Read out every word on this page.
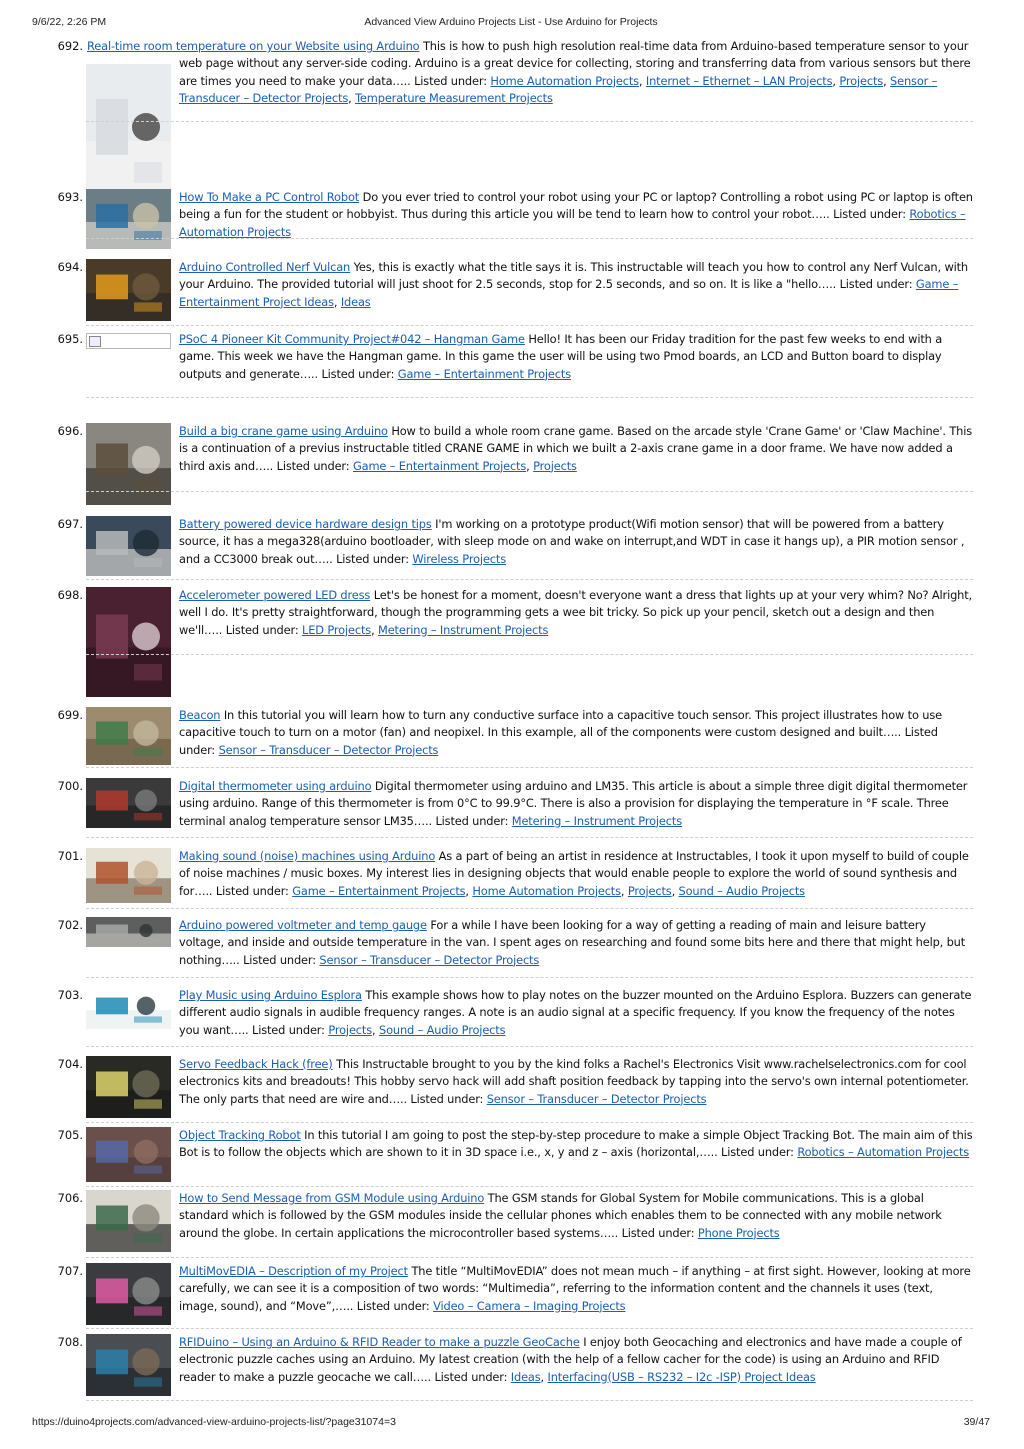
9/6/22, 2:26 PM	Advanced View Arduino Projects List - Use Arduino for Projects
692. Real-time room temperature on your Website using Arduino This is how to push high resolution real-time data from Arduino-based temperature sensor to your web page without any server-side coding. Arduino is a great device for collecting, storing and transferring data from various sensors but there are times you need to make your data….. Listed under: Home Automation Projects, Internet – Ethernet – LAN Projects, Projects, Sensor – Transducer – Detector Projects, Temperature Measurement Projects
693.	How To Make a PC Control Robot Do you ever tried to control your robot using your PC or laptop? Controlling a robot using PC or laptop is often being a fun for the student or hobbyist. Thus during this article you will be tend to learn how to control your robot….. Listed under: Robotics – Automation Projects
694.	Arduino Controlled Nerf Vulcan Yes, this is exactly what the title says it is. This instructable will teach you how to control any Nerf Vulcan, with your Arduino. The provided tutorial will just shoot for 2.5 seconds, stop for 2.5 seconds, and so on. It is like a "hello….. Listed under: Game – Entertainment Project Ideas, Ideas
695.	PSoC 4 Pioneer Kit Community Project#042 – Hangman Game Hello! It has been our Friday tradition for the past few weeks to end with a game. This week we have the Hangman game. In this game the user will be using two Pmod boards, an LCD and Button board to display outputs and generate….. Listed under: Game – Entertainment Projects
696.	Build a big crane game using Arduino How to build a whole room crane game. Based on the arcade style 'Crane Game' or 'Claw Machine'. This is a continuation of a previus instructable titled CRANE GAME in which we built a 2-axis crane game in a door frame. We have now added a third axis and….. Listed under: Game – Entertainment Projects, Projects
697.	Battery powered device hardware design tips I'm working on a prototype product(Wifi motion sensor) that will be powered from a battery source, it has a mega328(arduino bootloader, with sleep mode on and wake on interrupt,and WDT in case it hangs up), a PIR motion sensor , and a CC3000 break out….. Listed under: Wireless Projects
698.	Accelerometer powered LED dress Let's be honest for a moment, doesn't everyone want a dress that lights up at your very whim? No? Alright, well I do. It's pretty straightforward, though the programming gets a wee bit tricky. So pick up your pencil, sketch out a design and then we'll….. Listed under: LED Projects, Metering – Instrument Projects
699.	Beacon In this tutorial you will learn how to turn any conductive surface into a capacitive touch sensor. This project illustrates how to use capacitive touch to turn on a motor (fan) and neopixel. In this example, all of the components were custom designed and built….. Listed under: Sensor – Transducer – Detector Projects
700.	Digital thermometer using arduino Digital thermometer using arduino and LM35. This article is about a simple three digit digital thermometer using arduino. Range of this thermometer is from 0°C to 99.9°C. There is also a provision for displaying the temperature in °F scale. Three terminal analog temperature sensor LM35….. Listed under: Metering – Instrument Projects
701.	Making sound (noise) machines using Arduino As a part of being an artist in residence at Instructables, I took it upon myself to build of couple of noise machines / music boxes. My interest lies in designing objects that would enable people to explore the world of sound synthesis and for….. Listed under: Game – Entertainment Projects, Home Automation Projects, Projects, Sound – Audio Projects
702.	Arduino powered voltmeter and temp gauge For a while I have been looking for a way of getting a reading of main and leisure battery voltage, and inside and outside temperature in the van. I spent ages on researching and found some bits here and there that might help, but nothing….. Listed under: Sensor – Transducer – Detector Projects
703.	Play Music using Arduino Esplora This example shows how to play notes on the buzzer mounted on the Arduino Esplora. Buzzers can generate different audio signals in audible frequency ranges. A note is an audio signal at a specific frequency. If you know the frequency of the notes you want….. Listed under: Projects, Sound – Audio Projects
704.	Servo Feedback Hack (free) This Instructable brought to you by the kind folks a Rachel's Electronics Visit www.rachelselectronics.com for cool electronics kits and breadouts! This hobby servo hack will add shaft position feedback by tapping into the servo's own internal potentiometer. The only parts that need are wire and….. Listed under: Sensor – Transducer – Detector Projects
705.	Object Tracking Robot In this tutorial I am going to post the step-by-step procedure to make a simple Object Tracking Bot. The main aim of this Bot is to follow the objects which are shown to it in 3D space i.e., x, y and z – axis (horizontal,….. Listed under: Robotics – Automation Projects
706.	How to Send Message from GSM Module using Arduino The GSM stands for Global System for Mobile communications. This is a global standard which is followed by the GSM modules inside the cellular phones which enables them to be connected with any mobile network around the globe. In certain applications the microcontroller based systems….. Listed under: Phone Projects
707.	MultiMovEDIA – Description of my Project The title “MultiMovEDIA” does not mean much – if anything – at first sight. However, looking at more carefully, we can see it is a composition of two words: “Multimedia”, referring to the information content and the channels it uses (text, image, sound), and “Move”,….. Listed under: Video – Camera – Imaging Projects
708.	RFIDuino – Using an Arduino & RFID Reader to make a puzzle GeoCache I enjoy both Geocaching and electronics and have made a couple of electronic puzzle caches using an Arduino. My latest creation (with the help of a fellow cacher for the code) is using an Arduino and RFID reader to make a puzzle geocache we call….. Listed under: Ideas, Interfacing(USB – RS232 – I2c -ISP) Project Ideas
https://duino4projects.com/advanced-view-arduino-projects-list/?page31074=3	39/47
